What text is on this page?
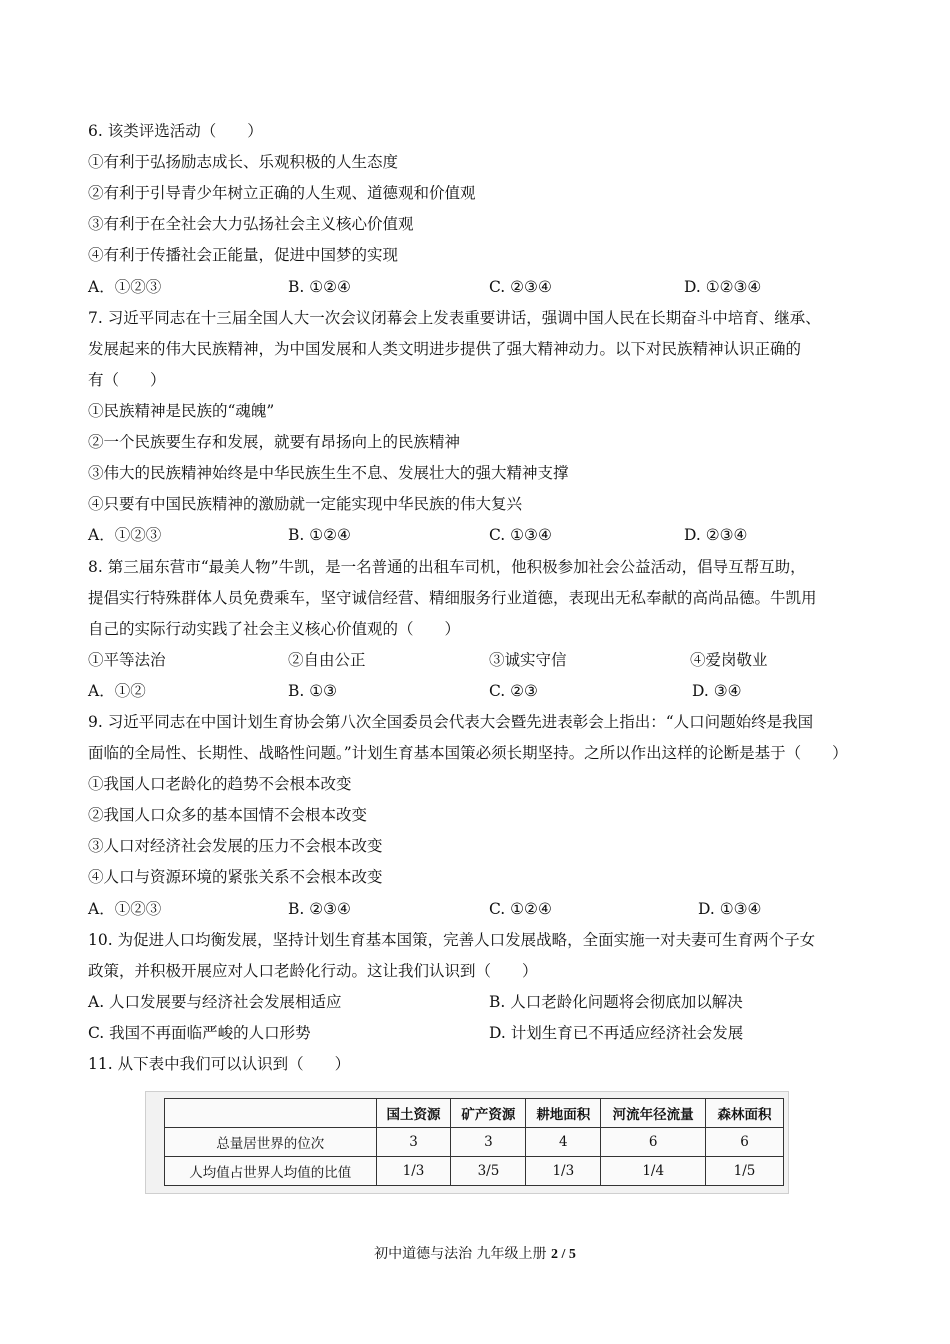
6. 该类评选活动（　　）
①有利于弘扬励志成长、乐观积极的人生态度
②有利于引导青少年树立正确的人生观、道德观和价值观
③有利于在全社会大力弘扬社会主义核心价值观
④有利于传播社会正能量，促进中国梦的实现
A．①②③	B. ①②④	C. ②③④	D. ①②③④
7. 习近平同志在十三届全国人大一次会议闭幕会上发表重要讲话，强调中国人民在长期奋斗中培育、继承、
发展起来的伟大民族精神，为中国发展和人类文明进步提供了强大精神动力。以下对民族精神认识正确的
有（　　）
①民族精神是民族的“魂魄”
②一个民族要生存和发展，就要有昂扬向上的民族精神
③伟大的民族精神始终是中华民族生生不息、发展壮大的强大精神支撑
④只要有中国民族精神的激励就一定能实现中华民族的伟大复兴
A．①②③	B. ①②④	C. ①③④	D. ②③④
8. 第三届东营市“最美人物”牛凯，是一名普通的出租车司机，他积极参加社会公益活动，倡导互帮互助，
提倡实行特殊群体人员免费乘车，坚守诚信经营、精细服务行业道德，表现出无私奉献的高尚品德。牛凯用
自己的实际行动实践了社会主义核心价值观的（　　）
①平等法治	②自由公正	③诚实守信	④爱岗敬业
A．①②	B. ①③	C. ②③	D. ③④
9. 习近平同志在中国计划生育协会第八次全国委员会代表大会暨先进表彰会上指出：“人口问题始终是我国
面临的全局性、长期性、战略性问题。”计划生育基本国策必须长期坚持。之所以作出这样的论断是基于（　　）
①我国人口老龄化的趋势不会根本改变
②我国人口众多的基本国情不会根本改变
③人口对经济社会发展的压力不会根本改变
④人口与资源环境的紧张关系不会根本改变
A．①②③	B. ②③④	C. ①②④	D. ①③④
10. 为促进人口均衡发展，坚持计划生育基本国策，完善人口发展战略，全面实施一对夫妻可生育两个子女
政策，并积极开展应对人口老龄化行动。这让我们认识到（　　）
A. 人口发展要与经济社会发展相适应	B. 人口老龄化问题将会彻底加以解决
C. 我国不再面临严峻的人口形势	D. 计划生育已不再适应经济社会发展
11. 从下表中我们可以认识到（　　）
	国土资源	矿产资源	耕地面积	河流年径流量	森林面积
总量居世界的位次	3	3	4	6	6
人均值占世界人均值的比值	1/3	3/5	1/3	1/4	1/5
初中道德与法治 九年级上册 2 / 5
